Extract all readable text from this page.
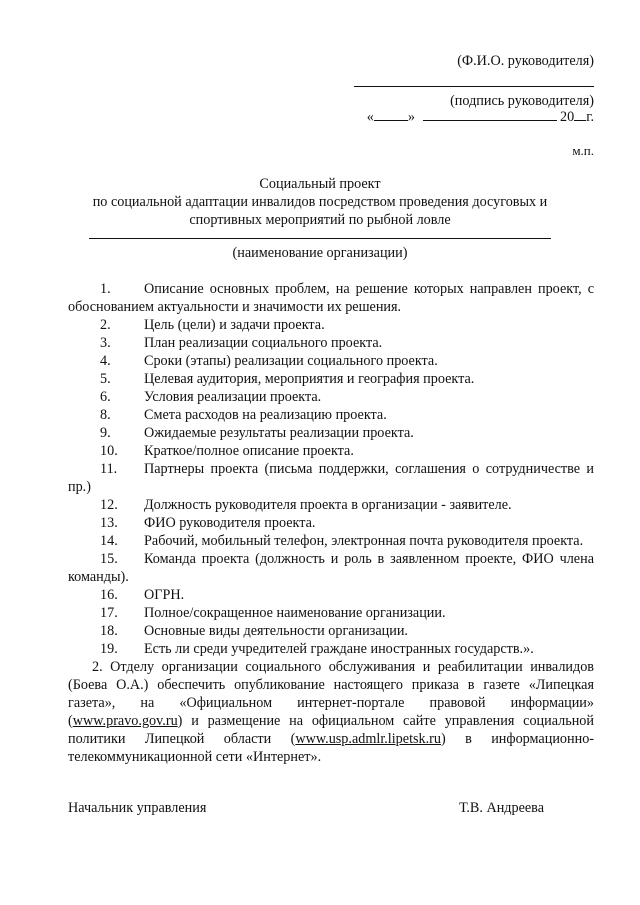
(Ф.И.О. руководителя)

(подпись руководителя)
« »	20 г.
м.п.
Социальный проект
по социальной адаптации инвалидов посредством проведения досуговых и
спортивных мероприятий по рыбной ловле

(наименование организации)
1. Описание основных проблем, на решение которых направлен проект, с обоснованием актуальности и значимости их решения.
2.	Цель (цели) и задачи проекта.
3.	План реализации социального проекта.
4.	Сроки (этапы) реализации социального проекта.
5.	Целевая аудитория, мероприятия и география проекта.
6.	Условия реализации проекта.
8.	Смета расходов на реализацию проекта.
9.	Ожидаемые результаты реализации проекта.
10.	Краткое/полное описание проекта.
11. Партнеры проекта (письма поддержки, соглашения о сотрудничестве и пр.)
12.	Должность руководителя проекта в организации - заявителе.
13.	ФИО руководителя проекта.
14. Рабочий, мобильный телефон, электронная почта руководителя проекта.
15. Команда проекта (должность и роль в заявленном проекте, ФИО члена команды).
16.	ОГРН.
17.	Полное/сокращенное наименование организации.
18.	Основные виды деятельности организации.
19.	Есть ли среди учредителей граждане иностранных государств.».
2. Отделу организации социального обслуживания и реабилитации инвалидов (Боева О.А.) обеспечить опубликование настоящего приказа в газете «Липецкая газета», на «Официальном интернет-портале правовой информации» (www.pravo.gov.ru) и размещение на официальном сайте управления социальной политики Липецкой области (www.usp.admlr.lipetsk.ru) в информационно-телекоммуникационной сети «Интернет».
Начальник управления	Т.В. Андреева
